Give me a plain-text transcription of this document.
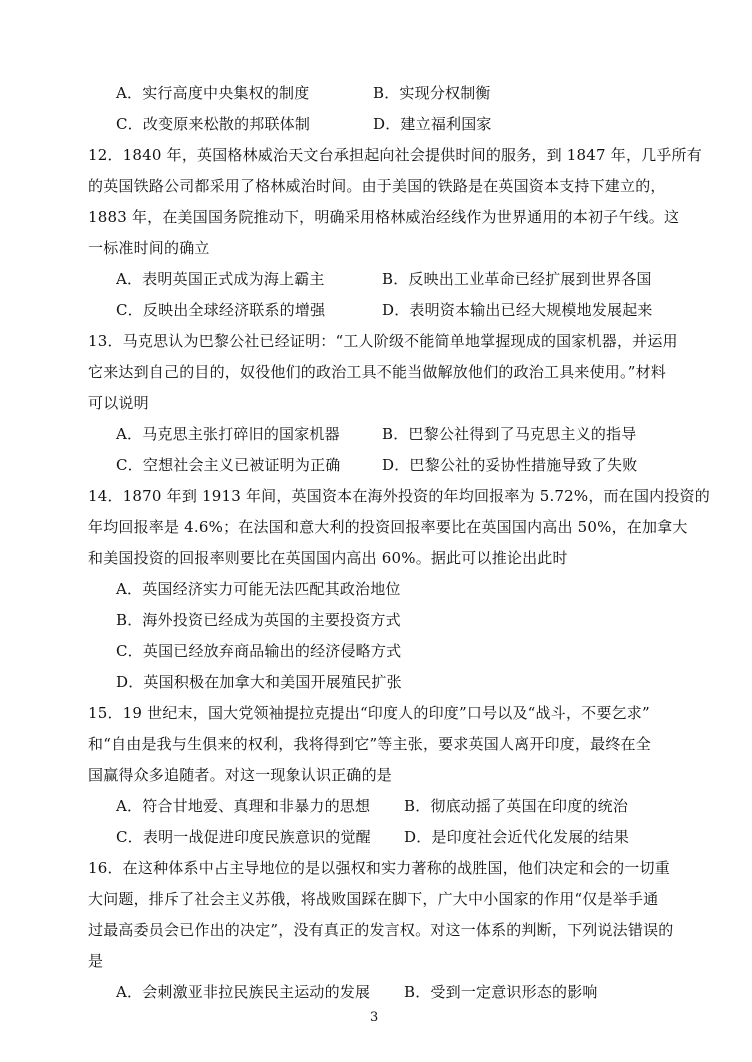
A．实行高度中央集权的制度	B．实现分权制衡
C．改变原来松散的邦联体制	D．建立福利国家
12．1840 年，英国格林威治天文台承担起向社会提供时间的服务，到 1847 年，几乎所有
的英国铁路公司都采用了格林威治时间。由于美国的铁路是在英国资本支持下建立的，
1883 年，在美国国务院推动下，明确采用格林威治经线作为世界通用的本初子午线。这
一标准时间的确立
A．表明英国正式成为海上霸主	B．反映出工业革命已经扩展到世界各国
C．反映出全球经济联系的增强	D．表明资本输出已经大规模地发展起来
13．马克思认为巴黎公社已经证明：“工人阶级不能简单地掌握现成的国家机器，并运用
它来达到自己的目的，奴役他们的政治工具不能当做解放他们的政治工具来使用。”材料
可以说明
A．马克思主张打碎旧的国家机器	B．巴黎公社得到了马克思主义的指导
C．空想社会主义已被证明为正确	D．巴黎公社的妥协性措施导致了失败
14．1870 年到 1913 年间，英国资本在海外投资的年均回报率为 5.72%，而在国内投资的
年均回报率是 4.6%；在法国和意大利的投资回报率要比在英国国内高出 50%，在加拿大
和美国投资的回报率则要比在英国国内高出 60%。据此可以推论出此时
A．英国经济实力可能无法匹配其政治地位
B．海外投资已经成为英国的主要投资方式
C．英国已经放弃商品输出的经济侵略方式
D．英国积极在加拿大和美国开展殖民扩张
15．19 世纪末，国大党领袖提拉克提出“印度人的印度”口号以及“战斗，不要乞求”
和“自由是我与生俱来的权利，我将得到它”等主张，要求英国人离开印度，最终在全
国赢得众多追随者。对这一现象认识正确的是
A．符合甘地爱、真理和非暴力的思想 B．彻底动摇了英国在印度的统治
C．表明一战促进印度民族意识的觉醒 D．是印度社会近代化发展的结果
16．在这种体系中占主导地位的是以强权和实力著称的战胜国，他们决定和会的一切重
大问题，排斥了社会主义苏俄，将战败国踩在脚下，广大中小国家的作用“仅是举手通
过最高委员会已作出的决定”，没有真正的发言权。对这一体系的判断，下列说法错误的
是
A．会刺激亚非拉民族民主运动的发展 B．受到一定意识形态的影响
3
